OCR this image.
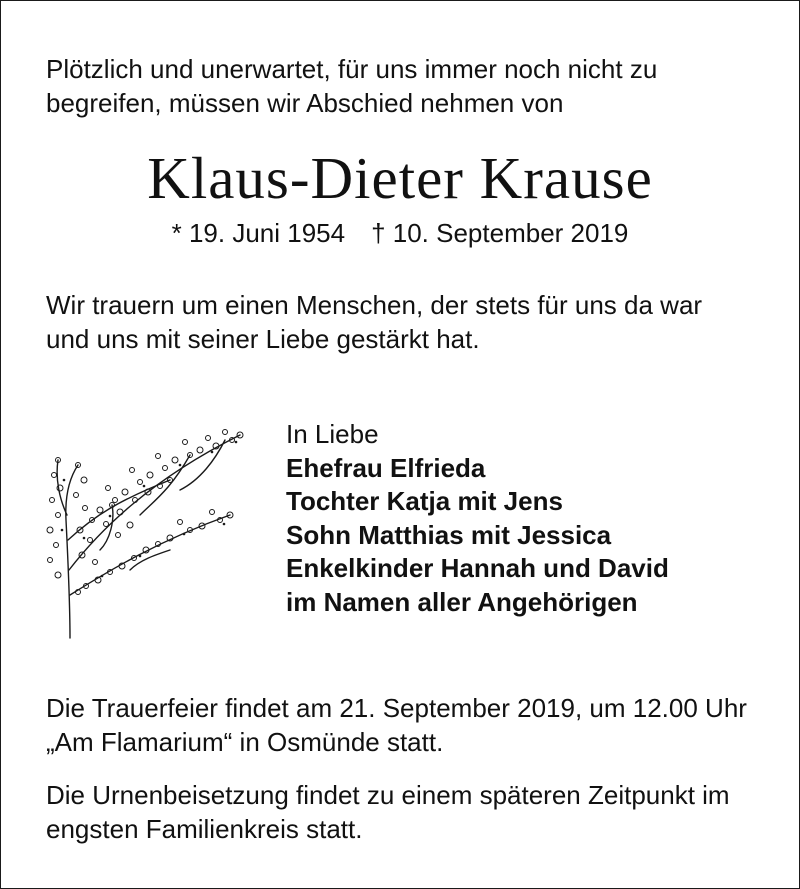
Plötzlich und unerwartet, für uns immer noch nicht zu
begreifen, müssen wir Abschied nehmen von
Klaus-Dieter Krause
* 19. Juni 1954 † 10. September 2019
Wir trauern um einen Menschen, der stets für uns da war
und uns mit seiner Liebe gestärkt hat.
In Liebe
Ehefrau Elfrieda
Tochter Katja mit Jens
Sohn Matthias mit Jessica
Enkelkinder Hannah und David
im Namen aller Angehörigen
Die Trauerfeier findet am 21. September 2019, um 12.00 Uhr
„Am Flamarium“ in Osmünde statt.
Die Urnenbeisetzung findet zu einem späteren Zeitpunkt im
engsten Familienkreis statt.
